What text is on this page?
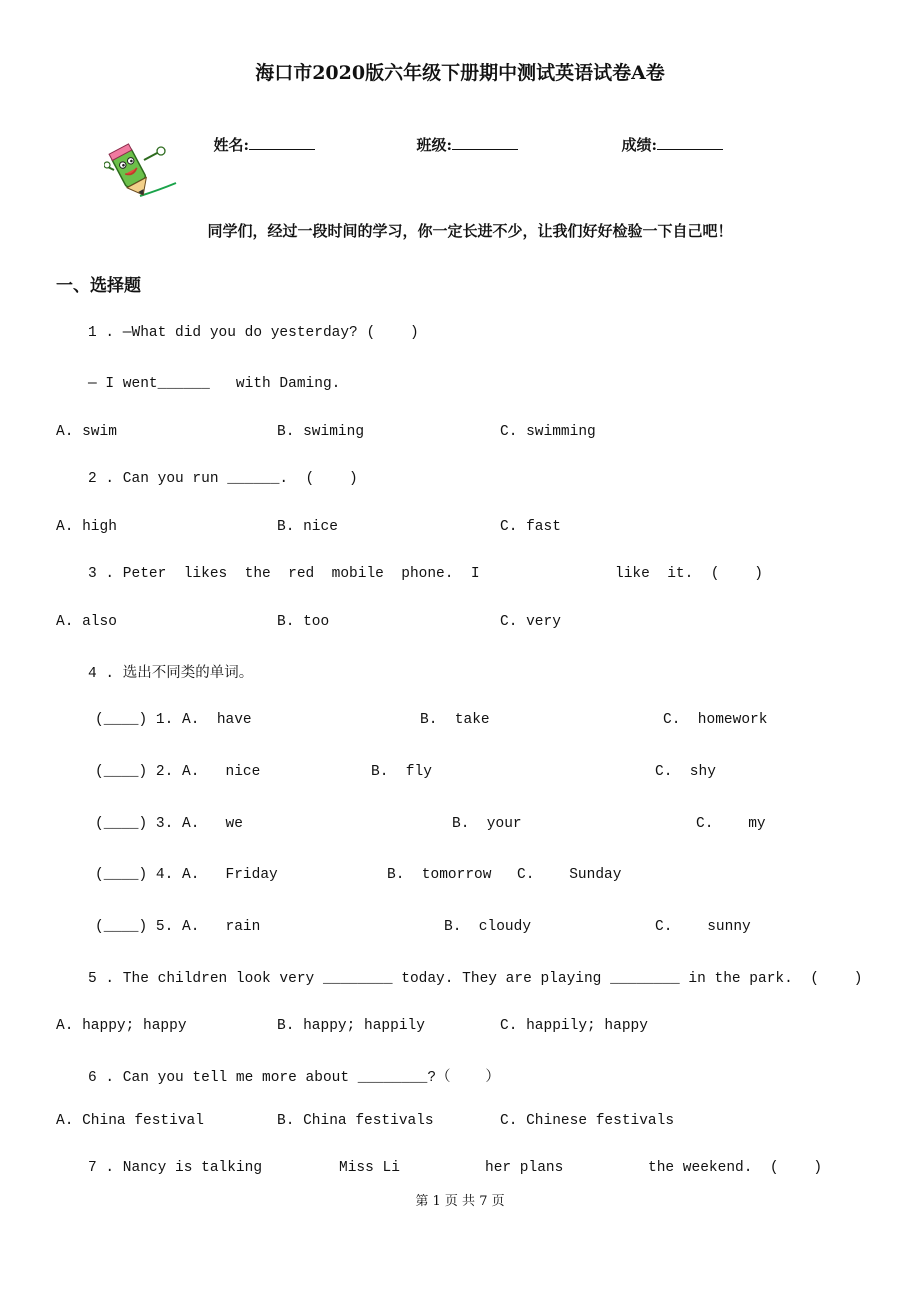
海口市2020版六年级下册期中测试英语试卷A卷

姓名:	班级:	成绩:

同学们，经过一段时间的学习，你一定长进不少，让我们好好检验一下自己吧！
一、选择题
1 . —What did you do yesterday? (    )
— I went______   with Daming.
A. swim	B. swiming	C. swimming
2 . Can you run ______.  (    )
A. high	B. nice	C. fast
3 . Peter  likes  the  red  mobile  phone.  I	like  it.  (    )
A. also	B. too	C. very
4 . 选出不同类的单词。
(____) 1. A.  have	B.  take	C.  homework
(____) 2. A.   nice	B.  fly	C.  shy
(____) 3. A.   we	B.  your	C.    my
(____) 4. A.   Friday	B.  tomorrow C.    Sunday
(____) 5. A.   rain	B.  cloudy	C.    sunny
5 . The children look very ________ today. They are playing ________ in the park.  (    )
A. happy; happy	B. happy; happily	C. happily; happy
6 . Can you tell me more about ________?（    ）
A. China festival	B. China festivals	C. Chinese festivals
7 . Nancy is talking	Miss Li	her plans	the weekend.  (    )
第 1 页 共 7 页
